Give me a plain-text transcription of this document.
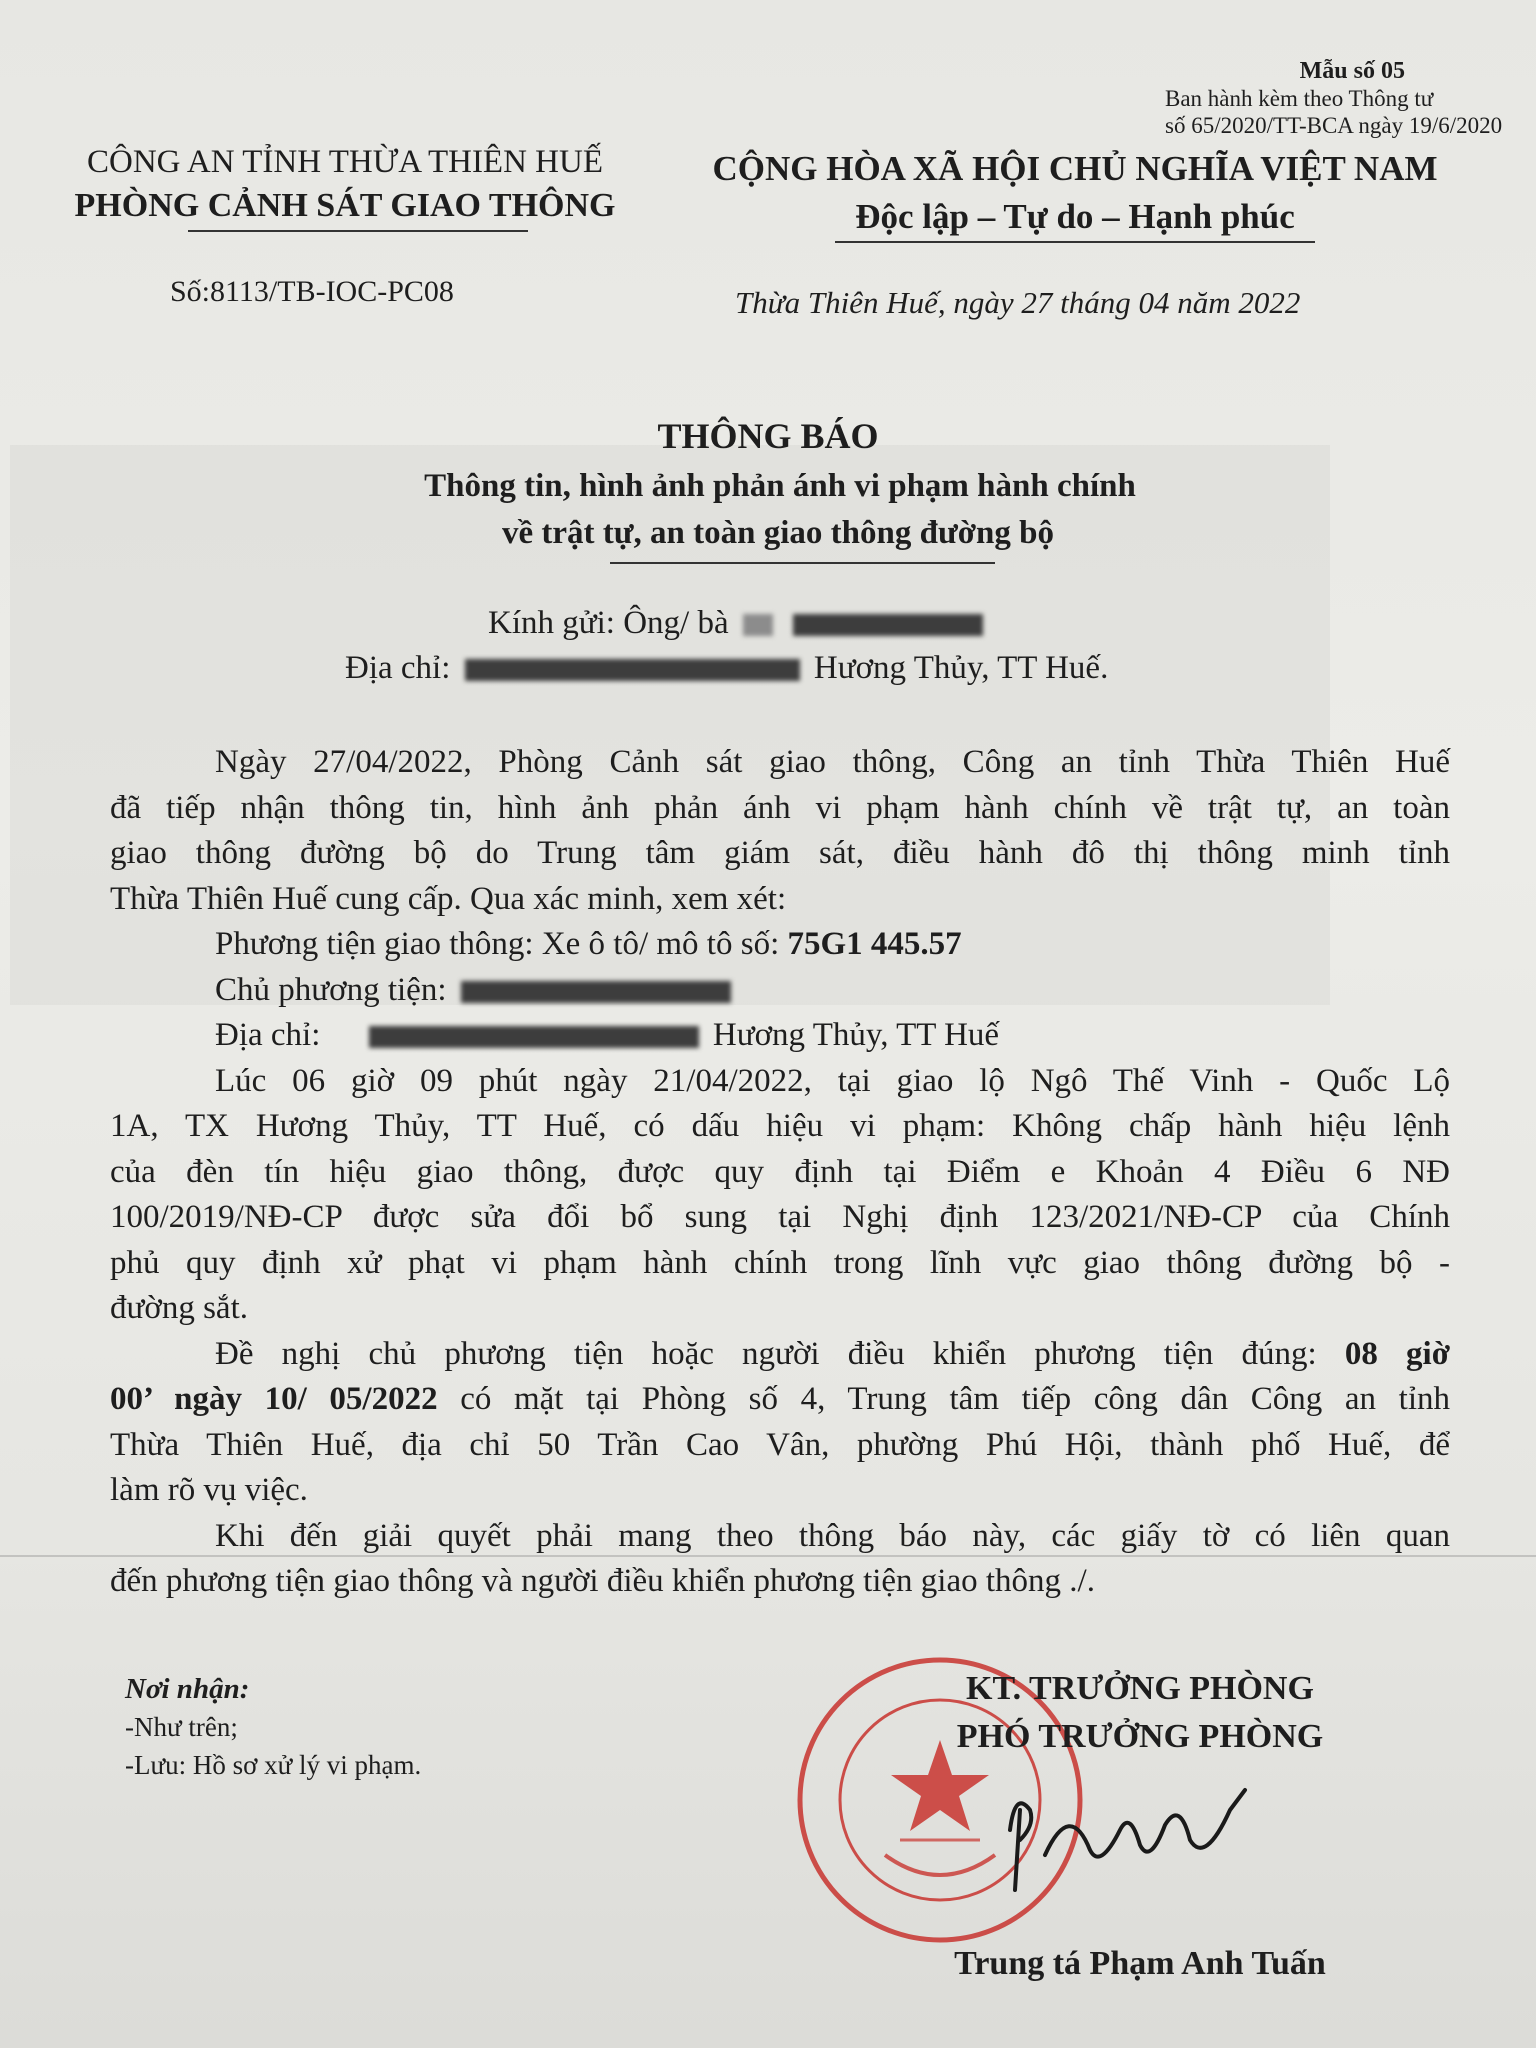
Mẫu số 05
Ban hành kèm theo Thông tư
số 65/2020/TT-BCA ngày 19/6/2020
CÔNG AN TỈNH THỪA THIÊN HUẾ
PHÒNG CẢNH SÁT GIAO THÔNG
CỘNG HÒA XÃ HỘI CHỦ NGHĨA VIỆT NAM
Độc lập – Tự do – Hạnh phúc
Số:8113/TB-IOC-PC08	Thừa Thiên Huế, ngày 27 tháng 04 năm 2022
THÔNG BÁO
Thông tin, hình ảnh phản ánh vi phạm hành chính
về trật tự, an toàn giao thông đường bộ
Kính gửi: Ông/ bà
Địa chỉ:	Hương Thủy, TT Huế.

Ngày 27/04/2022, Phòng Cảnh sát giao thông, Công an tỉnh Thừa Thiên Huế

đã tiếp nhận thông tin, hình ảnh phản ánh vi phạm hành chính về trật tự, an toàn

giao thông đường bộ do Trung tâm giám sát, điều hành đô thị thông minh tỉnh

Thừa Thiên Huế cung cấp. Qua xác minh, xem xét:

Phương tiện giao thông: Xe ô tô/ mô tô số: 75G1 445.57

Chủ phương tiện:

Địa chỉ:	Hương Thủy, TT Huế

Lúc 06 giờ 09 phút ngày 21/04/2022, tại giao lộ Ngô Thế Vinh - Quốc Lộ

1A, TX Hương Thủy, TT Huế, có dấu hiệu vi phạm: Không chấp hành hiệu lệnh

của đèn tín hiệu giao thông, được quy định tại Điểm e Khoản 4 Điều 6 NĐ

100/2019/NĐ-CP được sửa đổi bổ sung tại Nghị định 123/2021/NĐ-CP của Chính

phủ quy định xử phạt vi phạm hành chính trong lĩnh vực giao thông đường bộ -

đường sắt.

Đề nghị chủ phương tiện hoặc người điều khiển phương tiện đúng: 08 giờ

00’ ngày 10/ 05/2022 có mặt tại Phòng số 4, Trung tâm tiếp công dân Công an tỉnh

Thừa Thiên Huế, địa chỉ 50 Trần Cao Vân, phường Phú Hội, thành phố Huế, để

làm rõ vụ việc.

Khi đến giải quyết phải mang theo thông báo này, các giấy tờ có liên quan

đến phương tiện giao thông và người điều khiển phương tiện giao thông ./.

Nơi nhận:
-Như trên;
-Lưu: Hồ sơ xử lý vi phạm.
KT. TRƯỞNG PHÒNG
PHÓ TRƯỞNG PHÒNG
Trung tá Phạm Anh Tuấn
